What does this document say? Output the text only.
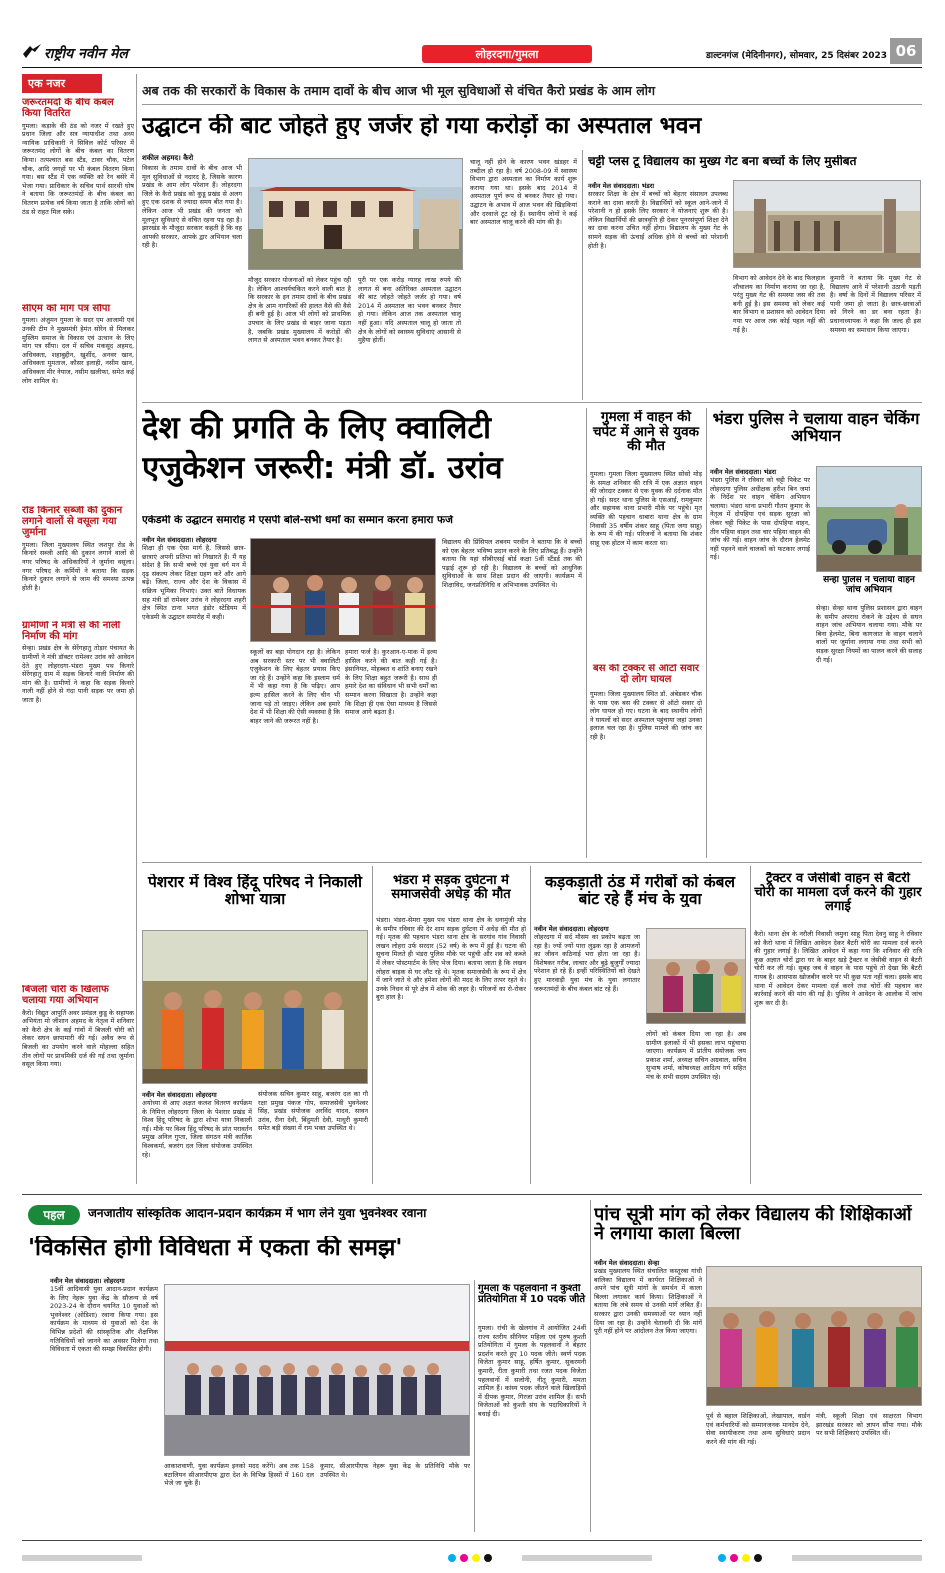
राष्ट्रीय नवीन मेल	लोहरदगा/गुमला	डाल्टनगंज (मेदिनीनगर), सोमवार, 25 दिसंबर 2023 06
एक नजर
जरूरतमंदों के बीच कंबल किया वितरित
गुमला। कड़ाके की ठंड को नजर में रखते हुए प्रधान जिला और सत्र न्यायाधीश तथा अध्य न्यायिक प्राधिकारी ने सिविल कोर्ट परिसर में जरूरतमंद लोगों के बीच कंबल का वितरण किया। तत्पश्चात बस स्टैंड, टावर चौक, पटेल चौक, आदि जगहों पर भी कंबल वितरण किया गया। बस स्टैंड में एक व्यक्ति को रेन बसेरे में भेजा गया। प्राधिकार के सचिव पार्थ सारथी घोष ने बताया कि जरूरतमंदों के बीच कंबल का वितरण प्रत्येक वर्ष किया जाता है ताकि लोगों को ठंड से राहत मिल सके।
सीएम को मांग पत्र सौंपा
गुमला। अंजुमन गुमला के सदर एम आजामी एवं उनकी टीम ने मुख्यमंत्री हेमंत सोरेन से मिलकर मुस्लिम समाज के विकास एवं उत्थान के लिए मांग पत्र सौंपा। दल में सचिव मकसूद अहमद, अधिवक्ता, शहाबुद्दीन, खुर्शीद, अनवर खान, अधिवक्ता मुमताज, कौसर इलाही, नसीम खान, अधिवक्ता मीर नेयाज, नसीम खलीफा, समेत कई लोग शामिल थे।
रोड किनारे सब्जी की दुकान लगाने वालों से वसूला गया जुर्माना
गुमला। जिला मुख्यालय स्थित जशपुर रोड के किनारे सब्जी आदि की दुकान लगाने वालों से नगर परिषद के अधिकारियों ने जुर्माना वसूला। नगर परिषद के कर्मियों ने बताया कि सड़क किनारे दुकान लगाने से जाम की समस्या उत्पन्न होती है।
ग्रामीणों ने मंत्री से की नाली निर्माण की मांग
सेन्हा। प्रखंड क्षेत्र के सेरेंगहातु तोड़ार पंचायत के ग्रामीणों ने मंत्री डॉक्टर रामेश्वर उरांव को आवेदन देते हुए लोहरदगा-भंडरा मुख्य पथ किनारे सेरेंगहातु ग्राम में सड़क किनारे नाली निर्माण की मांग की है। ग्रामीणों ने कहा कि सड़क किनारे नाली नहीं होने से गंदा पानी सड़क पर जमा हो जाता है।
बिजली चोरी के खिलाफ चलाया गया अभियान
कैरो। विद्युत आपूर्ति अवर प्रमंडल कुडू के सहायक अभियंता मो जीशान अहमद के नेतृत्व में शनिवार को कैरो क्षेत्र के कई गांवों में बिजली चोरी को लेकर सघन छापामारी की गई। अवैध रूप से बिजली का उपयोग करने वाले मोहल्ला सहित तीन लोगों पर प्राथमिकी दर्ज की गई तथा जुर्माना वसूल किया गया।
अब तक की सरकारों के विकास के तमाम दावों के बीच आज भी मूल सुविधाओं से वंचित कैरो प्रखंड के आम लोग
उद्घाटन की बाट जोहते हुए जर्जर हो गया करोड़ों का अस्पताल भवन
शकील अहमद। कैरो
विकास के तमाम दावों के बीच आज भी मूल सुविधाओं से नदारद है, जिसके कारण प्रखंड के आम लोग परेशान हैं। लोहरदगा जिले के कैरो प्रखंड को कुडू प्रखंड से अलग हुए एक दशक से ज्यादा समय बीत गया है। लेकिन आज भी प्रखंड की जनता को मूलभूत सुविधाएं से वंचित रहना पड़ रहा है। झारखंड के मौजूदा सरकार कहती है कि वह आपकी सरकार, आपके द्वार अभियान चला रही है।
मौजूद सरकार योजनाओं को लेकर पहुंच रही है। लेकिन आश्चर्यचकित करने वाली बात है कि सरकार के इन तमाम दावों के बीच प्रखंड क्षेत्र के आम नागरिकों की हालत वैसे की वैसे ही बनी हुई है। आज भी लोगों को प्राथमिक उपचार के लिए प्रखंड से बाहर जाना पड़ता है, जबकि प्रखंड मुख्यालय में करोड़ों की लागत से अस्पताल भवन बनकर तैयार है।
पूरी पर एक करोड़ ग्यारह लाख रुपये की लागत से बना अतिरिक्त अस्पताल उद्घाटन की बाट जोहते जोहते जर्जर हो गया। वर्ष 2014 में अस्पताल का भवन बनकर तैयार हो गया। लेकिन आज तक अस्पताल चालू नहीं हुआ। यदि अस्पताल चालू हो जाता तो क्षेत्र के लोगों को स्वास्थ्य सुविधाएं आसानी से मुहैया होतीं।
चालू नहीं होने के कारण भवन खंडहर में तब्दील हो रहा है। वर्ष 2008-09 में स्वास्थ्य विभाग द्वारा अस्पताल का निर्माण कार्य शुरू कराया गया था। इसके बाद 2014 में अस्पताल पूर्ण रूप से बनकर तैयार हो गया। उद्घाटन के अभाव में आज भवन की खिड़कियां और दरवाजे टूट रहे हैं। स्थानीय लोगों ने कई बार अस्पताल चालू करने की मांग की है।
चट्टी प्लस टू विद्यालय का मुख्य गेट बना बच्चों के लिए मुसीबत
नवीन मेल संवाददाता। भंडरा
सरकार शिक्षा के क्षेत्र में बच्चों को बेहतर संसाधन उपलब्ध कराने का दावा करती है। विद्यार्थियों को स्कूल आने-जाने में परेशानी न हो इसके लिए सरकार ने योजनाएं शुरू की है। लेकिन विद्यार्थियों की छात्रवृत्ति ही देकर पूनरसंपूर्णा शिक्षा देने का दावा करना उचित नहीं होगा। विद्यालय के मुख्य गेट के सामने सड़क की ऊंचाई अधिक होने से बच्चों को परेशानी होती है।
विभाग को आवेदन देने के बाद फिलहाल शौचालय का निर्माण कराया जा रहा है, परंतु मुख्य गेट की समस्या जस की तस बनी हुई है। इस समस्या को लेकर कई बार विभाग व प्रशासन को आवेदन दिया गया पर आज तक कोई पहल नहीं की गई है।
कुमारी ने बताया कि मुख्य गेट से विद्यालय आने में परेशानी उठानी पड़ती है। वर्षा के दिनों में विद्यालय परिसर में पानी जमा हो जाता है। छात्र-छात्राओं को गिरने का डर बना रहता है। प्रधानाध्यापक ने कहा कि जल्द ही इस समस्या का समाधान किया जाएगा।
देश की प्रगति के लिए क्वालिटी एजुकेशन जरूरी: मंत्री डॉ. उरांव
एकेडमी के उद्घाटन समारोह में एसपी बोले-सभी धर्मों का सम्मान करना हमारा फर्ज
नवीन मेल संवाददाता। लोहरदगा
शिक्षा ही एक ऐसा मार्ग है, जिससे छात्र-छात्राएं अपनी प्रतिभा को निखारते हैं। मैं यह संदेश है कि सभी बच्चे एवं युवा वर्ग मन में दृढ़ संकल्प लेकर शिक्षा ग्रहण करें और आगे बढ़ें। जिला, राज्य और देश के विकास में सक्रिय भूमिका निभाएं। उक्त बातें विधायक सह मंत्री डॉ रामेश्वर उरांव ने लोहरदगा शहरी क्षेत्र स्थित टाना भगत इंडोर स्टेडियम में एकेडमी के उद्घाटन समारोह में कही।
स्कूलों का बड़ा योगदान रहा है। लेकिन अब सरकारी स्तर पर भी क्वालिटी एजुकेशन के लिए बेहतर प्रयास किए जा रहे हैं। उन्होंने कहा कि इस्लाम धर्म में भी कहा गया है कि पढ़िए। आप इल्म हासिल करने के लिए चीन भी जाना पड़े तो जाइए। लेकिन अब हमारे देश में भी शिक्षा की ऐसी व्यवस्था है कि बाहर जाने की जरूरत नहीं है।
हमारा फर्ज है। कुरआन-ए-पाक में इल्म हासिल करने की बात कही गई है। इंसानियत, मोहब्बत व शांति बनाए रखने के लिए शिक्षा बहुत जरूरी है। साथ ही हमारे देश का संविधान भी सभी धर्मों का सम्मान करना सिखाता है। उन्होंने कहा कि शिक्षा ही एक ऐसा माध्यम है जिससे समाज आगे बढ़ता है।
विद्यालय की प्रिंसिपल शबनम परवीन ने बताया कि वे बच्चों को एक बेहतर भविष्य प्रदान करने के लिए प्रतिबद्ध हैं। उन्होंने बताया कि यहां सीबीएसई बोर्ड कक्षा 5वीं स्टैंडर्ड तक की पढ़ाई शुरू हो रही है। विद्यालय के बच्चों को आधुनिक सुविधाओं के साथ शिक्षा प्रदान की जाएगी। कार्यक्रम में शिक्षाविद, जनप्रतिनिधि व अभिभावक उपस्थित थे।
गुमला में वाहन की चपेट में आने से युवक की मौत
गुमला। गुमला जिला मुख्यालय स्थित सोसो मोड़ के समक्ष शनिवार की रात्रि में एक अज्ञात वाहन की जोरदार टक्कर से एक युवक की दर्दनाक मौत हो गई। सदर थाना पुलिस के एसआई, रामकुमार और सहायक थाना प्रभारी मौके पर पहुंचे। मृत व्यक्ति की पहचान धाबारा थाना क्षेत्र के ग्राम निवासी 35 वर्षीय शंकर साहू (पिता जगा साहू) के रूप में की गई। परिजनों ने बताया कि शंकर साहू एक होटल में काम करता था।
बस की टक्कर से ऑटो सवार दो लोग घायल
गुमला। जिला मुख्यालय स्थित डॉ. अंबेडकर चौक के पास एक बस की टक्कर से ऑटो सवार दो लोग घायल हो गए। घटना के बाद स्थानीय लोगों ने घायलों को सदर अस्पताल पहुंचाया जहां उनका इलाज चल रहा है। पुलिस मामले की जांच कर रही है।
भंडरा पुलिस ने चलाया वाहन चेकिंग अभियान
नवीन मेल संवाददाता। भंडरा
भंडरा पुलिस ने रविवार को चट्टी पिकेट पर लोहरदगा पुलिस अधीक्षक हरीश बिन जमां के निर्देश पर वाहन चेकिंग अभियान चलाया। भंडरा थाना प्रभारी गौतम कुमार के नेतृत्व में दोपहिया एवं सड़क सुरक्षा को लेकर चट्टी पिकेट के पास दोपहिया वाहन, तीन पहिया वाहन तथा चार पहिया वाहन की जांच की गई। वाहन जांच के दौरान हेलमेट नहीं पहनने वाले चालकों को फटकार लगाई गई।
सेन्हा पुलिस ने चलाया वाहन जांच अभियान
सेन्हा। सेन्हा थाना पुलिस प्रशासन द्वारा वाहन के समीप अपराध रोकने के उद्देश्य से सघन वाहन जांच अभियान चलाया गया। मौके पर बिना हेलमेट, बिना कागजात के वाहन चलाने वालों पर जुर्माना लगाया गया तथा सभी को सड़क सुरक्षा नियमों का पालन करने की सलाह दी गई।
पेशरार में विश्व हिंदू परिषद ने निकाली शोभा यात्रा
नवीन मेल संवाददाता। लोहरदगा
अयोध्या से आए अक्षत कलश वितरण कार्यक्रम के निमित्त लोहरदगा जिला के पेशरार प्रखंड में विश्व हिंदू परिषद के द्वारा शोभा यात्रा निकाली गई। मौके पर विश्व हिंदू परिषद के प्रांत परावर्तन प्रमुख अनिल गुप्ता, जिला संगठन मंत्री कार्तिक विश्वकर्मा, बजरंग दल जिला संयोजक उपस्थित रहे।
संयोजक सचिन कुमार साहू, बजरंग दल का गौ रक्षा प्रमुख पंकज गोप, समाजसेवी भुवनेश्वर सिंह, प्रखंड संयोजक अरविंद यादव, सावन उरांव, रीना देवी, बिंदुमती देवी, माधुरी कुमारी समेत बड़ी संख्या में राम भक्त उपस्थित थे।
भंडरा में सड़क दुर्घटना में समाजसेवी अधेड़ की मौत
भंडरा। भंडरा-सेमरा मुख्य पथ भंडरा थाना क्षेत्र के धनामुंजी मोड़ के समीप रविवार की देर शाम सड़क दुर्घटना में अधेड़ की मौत हो गई। मृतक की पहचान भंडरा थाना क्षेत्र के सरगांव गांव निवासी लखन लोहरा उर्फ सरदार (52 वर्ष) के रूप में हुई है। घटना की सूचना मिलते ही भंडरा पुलिस मौके पर पहुंची और शव को कब्जे में लेकर पोस्टमार्टम के लिए भेज दिया। बताया जाता है कि लखन लोहरा बाइक से घर लौट रहे थे। मृतक समाजसेवी के रूप में क्षेत्र में जाने जाते थे और हमेशा लोगों की मदद के लिए तत्पर रहते थे। उनके निधन से पूरे क्षेत्र में शोक की लहर है। परिजनों का रो-रोकर बुरा हाल है।
कड़कड़ाती ठंड में गरीबों को कंबल बांट रहे हैं मंच के युवा
नवीन मेल संवाददाता। लोहरदगा
लोहरदगा में सर्द मौसम का प्रकोप बढ़ता जा रहा है। ज्यों ज्यों पारा लुढ़क रहा है आमजनों का जीवन कठिनाई भरा होता जा रहा है। विशेषकर गरीब, लाचार और बूढ़े बुजुर्गों ज्यादा परेशान हो रहे हैं। इन्हीं परिस्थितियों को देखते हुए मारवाड़ी युवा मंच के युवा लगातार जरूरतमंदों के बीच कंबल बांट रहे हैं।
लोगों को कंबल दिया जा रहा है। अब ग्रामीण इलाकों में भी इसका लाभ पहुंचाया जाएगा। कार्यक्रम में प्रांतीय संयोजक जय प्रकाश शर्मा, अध्यक्ष सचिन अग्रवाल, सचिव सुभाष शर्मा, कोषाध्यक्ष आदित्य गर्ग सहित मंच के सभी सदस्य उपस्थित रहे।
ट्रैक्टर व जेसीबी वाहन से बैटरी चोरी का मामला दर्ज करने की गुहार लगाई
कैरो। थाना क्षेत्र के नरौली निवासी जमुना साहू पिता देवनु साहू ने रविवार को कैरो थाना में लिखित आवेदन देकर बैटरी चोरी का मामला दर्ज करने की गुहार लगाई है। लिखित आवेदन में कहा गया कि शनिवार की रात्रि कुछ अज्ञात चोरों द्वारा घर के बाहर खड़े ट्रैक्टर व जेसीबी वाहन से बैटरी चोरी कर ली गई। सुबह जब वे वाहन के पास पहुंचे तो देखा कि बैटरी गायब है। आसपास खोजबीन करने पर भी कुछ पता नहीं चला। इसके बाद थाना में आवेदन देकर मामला दर्ज करने तथा चोरों की पहचान कर कार्रवाई करने की मांग की गई है। पुलिस ने आवेदन के आलोक में जांच शुरू कर दी है।
पहल	जनजातीय सांस्कृतिक आदान-प्रदान कार्यक्रम में भाग लेने युवा भुवनेश्वर रवाना
'विकसित होगी विविधता में एकता की समझ'
नवीन मेल संवाददाता। लोहरदगा
15वीं आदिवासी युवा आदान-प्रदान कार्यक्रम के लिए नेहरू युवा केंद्र के सौजन्य से वर्ष 2023-24 के दौरान चयनित 10 युवाओं को भुवनेश्वर (ओडिशा) रवाना किया गया। इस कार्यक्रम के माध्यम से युवाओं को देश के विभिन्न प्रदेशों की सांस्कृतिक और शैक्षणिक गतिविधियों को जानने का अवसर मिलेगा तथा विविधता में एकता की समझ विकसित होगी।
आकाशवाणी, युवा कार्यक्रम इनको मदद करेंगे। अब तक 158 बटालियन सीआरपीएफ द्वारा देश के विभिन्न हिस्सों में 160 दल भेजे जा चुके हैं।
कुमार, सीआरपीएफ नेहरू युवा केंद्र के प्रतिनिधि मौके पर उपस्थित थे।
गुमला के पहलवानों ने कुश्ती प्रतियोगिता में 10 पदक जीते
गुमला। रांची के खेलगांव में आयोजित 24वीं राज्य स्तरीय सीनियर महिला एवं पुरुष कुश्ती प्रतियोगिता में गुमला के पहलवानों ने बेहतर प्रदर्शन करते हुए 10 पदक जीते। स्वर्ण पदक विजेता कुमार साहू, हर्षित कुमार, सुकरमनी कुमारी, रीता कुमारी तथा रजत पदक विजेता पहलवानों में सलोनी, नीतू कुमारी, ममता शामिल हैं। कांस्य पदक जीतने वाले खिलाड़ियों में दीपक कुमार, गिरजा उरांव शामिल हैं। सभी विजेताओं को कुश्ती संघ के पदाधिकारियों ने बधाई दी।
पांच सूत्री मांग को लेकर विद्यालय की शिक्षिकाओं ने लगाया काला बिल्ला
नवीन मेल संवाददाता। सेन्हा
प्रखंड मुख्यालय स्थित संचालित कस्तूरबा गांधी बालिका विद्यालय में कार्यरत शिक्षिकाओं ने अपने पांच सूत्री मांगों के समर्थन में काला बिल्ला लगाकर कार्य किया। शिक्षिकाओं ने बताया कि लंबे समय से उनकी मांगें लंबित हैं। सरकार द्वारा उनकी समस्याओं पर ध्यान नहीं दिया जा रहा है। उन्होंने चेतावनी दी कि मांगें पूरी नहीं होने पर आंदोलन तेज किया जाएगा।
पूर्व से बहाल शिक्षिकाओं, लेखापाल, वार्डन एवं कर्मचारियों को सम्मानजनक मानदेय देने, सेवा स्थायीकरण तथा अन्य सुविधाएं प्रदान करने की मांग की गई।
मंत्री, स्कूली शिक्षा एवं साक्षरता विभाग झारखंड सरकार को ज्ञापन सौंपा गया। मौके पर सभी शिक्षिकाएं उपस्थित थीं।
